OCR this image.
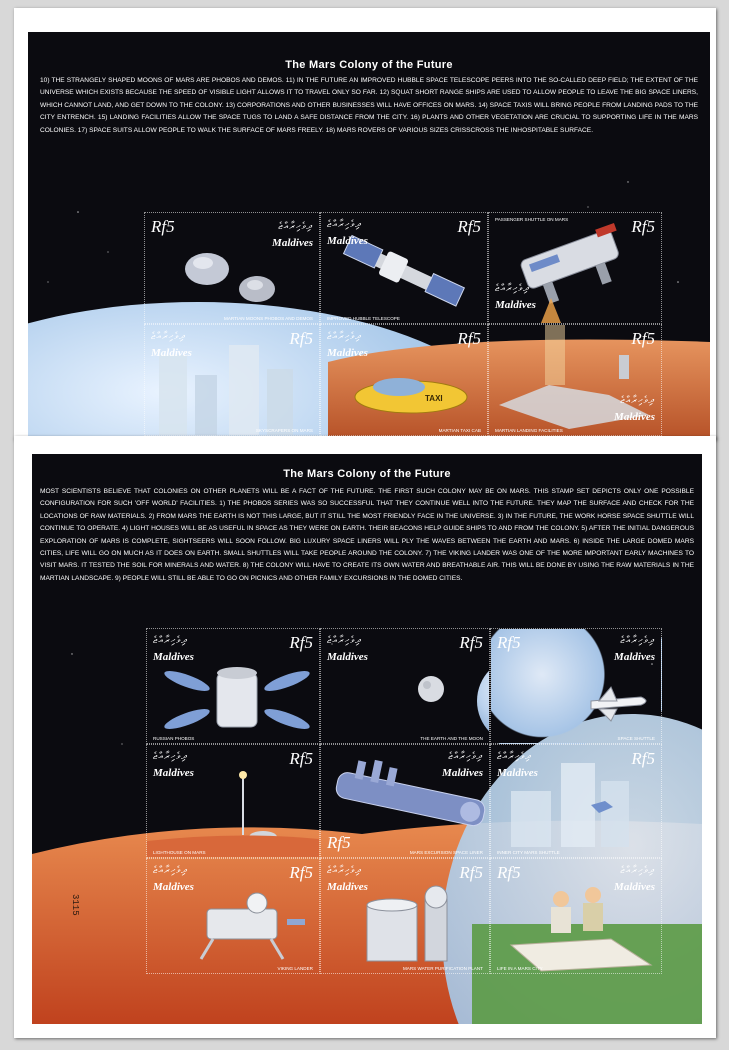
The Mars Colony of the Future
10) THE STRANGELY SHAPED MOONS OF MARS ARE PHOBOS AND DEMOS. 11) IN THE FUTURE AN IMPROVED HUBBLE SPACE TELESCOPE PEERS INTO THE SO-CALLED DEEP FIELD; THE EXTENT OF THE UNIVERSE WHICH EXISTS BECAUSE THE SPEED OF VISIBLE LIGHT ALLOWS IT TO TRAVEL ONLY SO FAR. 12) SQUAT SHORT RANGE SHIPS ARE USED TO ALLOW PEOPLE TO LEAVE THE BIG SPACE LINERS, WHICH CANNOT LAND, AND GET DOWN TO THE COLONY. 13) CORPORATIONS AND OTHER BUSINESSES WILL HAVE OFFICES ON MARS. 14) SPACE TAXIS WILL BRING PEOPLE FROM LANDING PADS TO THE CITY ENTRENCH. 15) LANDING FACILITIES ALLOW THE SPACE TUGS TO LAND A SAFE DISTANCE FROM THE CITY. 16) PLANTS AND OTHER VEGETATION ARE CRUCIAL TO SUPPORTING LIFE IN THE MARS COLONIES. 17) SPACE SUITS ALLOW PEOPLE TO WALK THE SURFACE OF MARS FREELY. 18) MARS ROVERS OF VARIOUS SIZES CRISSCROSS THE INHOSPITABLE SURFACE.
Rf5	ދިވެހިރާއްޖެ
Maldives
MARTIAN MOONS PHOBOS AND DEMOS
ދިވެހިރާއްޖެ
Maldives
Rf5
IMPROVED HUBBLE TELESCOPE
PASSENGER SHUTTLE ON MARS	Rf5
ދިވެހިރާއްޖެ
Maldives
ދިވެހިރާއްޖެ
Maldives
Rf5
SKYSCRAPERS ON MARS
TAXI
ދިވެހިރާއްޖެ
Maldives
Rf5
MARTIAN TAXI CAB
Rf5
ދިވެހިރާއްޖެ
Maldives
MARTIAN LANDING FACILITIES
The Mars Colony of the Future
MOST SCIENTISTS BELIEVE THAT COLONIES ON OTHER PLANETS WILL BE A FACT OF THE FUTURE. THE FIRST SUCH COLONY MAY BE ON MARS. THIS STAMP SET DEPICTS ONLY ONE POSSIBLE CONFIGURATION FOR SUCH 'OFF WORLD' FACILITIES. 1) THE PHOBOS SERIES WAS SO SUCCESSFUL THAT THEY CONTINUE WELL INTO THE FUTURE. THEY MAP THE SURFACE AND CHECK FOR THE LOCATIONS OF RAW MATERIALS. 2) FROM MARS THE EARTH IS NOT THIS LARGE, BUT IT STILL THE MOST FRIENDLY FACE IN THE UNIVERSE. 3) IN THE FUTURE, THE WORK HORSE SPACE SHUTTLE WILL CONTINUE TO OPERATE. 4) LIGHT HOUSES WILL BE AS USEFUL IN SPACE AS THEY WERE ON EARTH. THEIR BEACONS HELP GUIDE SHIPS TO AND FROM THE COLONY. 5) AFTER THE INITIAL DANGEROUS EXPLORATION OF MARS IS COMPLETE, SIGHTSEERS WILL SOON FOLLOW. BIG LUXURY SPACE LINERS WILL PLY THE WAVES BETWEEN THE EARTH AND MARS. 6) INSIDE THE LARGE DOMED MARS CITIES, LIFE WILL GO ON MUCH AS IT DOES ON EARTH. SMALL SHUTTLES WILL TAKE PEOPLE AROUND THE COLONY. 7) THE VIKING LANDER WAS ONE OF THE MORE IMPORTANT EARLY MACHINES TO VISIT MARS. IT TESTED THE SOIL FOR MINERALS AND WATER. 8) THE COLONY WILL HAVE TO CREATE ITS OWN WATER AND BREATHABLE AIR. THIS WILL BE DONE BY USING THE RAW MATERIALS IN THE MARTIAN LANDSCAPE. 9) PEOPLE WILL STILL BE ABLE TO GO ON PICNICS AND OTHER FAMILY EXCURSIONS IN THE DOMED CITIES.
ދިވެހިރާއްޖެ
Maldives
Rf5
RUSSIAN PHOBOS
ދިވެހިރާއްޖެ
Maldives
Rf5
THE EARTH AND THE MOON
Rf5	ދިވެހިރާއްޖެ
Maldives
SPACE SHUTTLE
ދިވެހިރާއްޖެ
Maldives
Rf5
LIGHTHOUSE ON MARS
ދިވެހިރާއްޖެ
Maldives
Rf5
MARS EXCURSION SPACE LINER
ދިވެހިރާއްޖެ
Maldives
Rf5
INNER CITY MARS SHUTTLE
ދިވެހިރާއްޖެ
Maldives
Rf5
VIKING LANDER
ދިވެހިރާއްޖެ
Maldives
Rf5
MARS WATER PURIFICATION PLANT
Rf5	ދިވެހިރާއްޖެ
Maldives
LIFE IN A MARS CITY
3115
